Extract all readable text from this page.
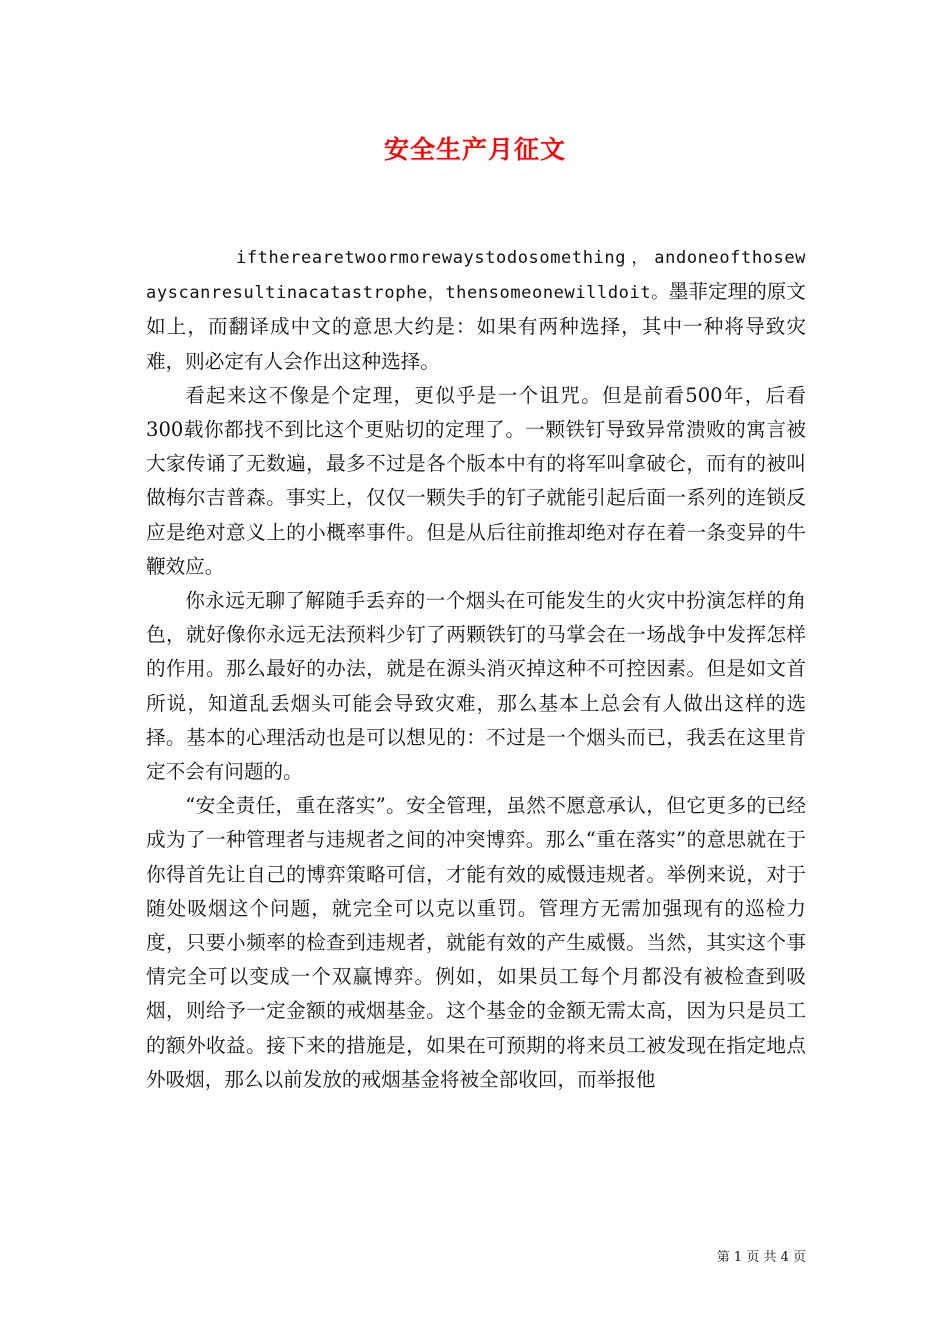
安全生产月征文

iftherearetwoormorewaystodosomething，andoneofthosewayscanresultinacatastrophe，thensomeonewilldoit。墨菲定理的原文如上，而翻译成中文的意思大约是：如果有两种选择，其中一种将导致灾难，则必定有人会作出这种选择。

看起来这不像是个定理，更似乎是一个诅咒。但是前看500年，后看300载你都找不到比这个更贴切的定理了。一颗铁钉导致异常溃败的寓言被大家传诵了无数遍，最多不过是各个版本中有的将军叫拿破仑，而有的被叫做梅尔吉普森。事实上，仅仅一颗失手的钉子就能引起后面一系列的连锁反应是绝对意义上的小概率事件。但是从后往前推却绝对存在着一条变异的牛鞭效应。

你永远无聊了解随手丢弃的一个烟头在可能发生的火灾中扮演怎样的角色，就好像你永远无法预料少钉了两颗铁钉的马掌会在一场战争中发挥怎样的作用。那么最好的办法，就是在源头消灭掉这种不可控因素。但是如文首所说，知道乱丢烟头可能会导致灾难，那么基本上总会有人做出这样的选择。基本的心理活动也是可以想见的：不过是一个烟头而已，我丢在这里肯定不会有问题的。

“安全责任，重在落实”。安全管理，虽然不愿意承认，但它更多的已经成为了一种管理者与违规者之间的冲突博弈。那么“重在落实”的意思就在于你得首先让自己的博弈策略可信，才能有效的威慑违规者。举例来说，对于随处吸烟这个问题，就完全可以克以重罚。管理方无需加强现有的巡检力度，只要小频率的检查到违规者，就能有效的产生威慑。当然，其实这个事情完全可以变成一个双赢博弈。例如，如果员工每个月都没有被检查到吸烟，则给予一定金额的戒烟基金。这个基金的金额无需太高，因为只是员工的额外收益。接下来的措施是，如果在可预期的将来员工被发现在指定地点外吸烟，那么以前发放的戒烟基金将被全部收回，而举报他

第 1 页 共 4 页
